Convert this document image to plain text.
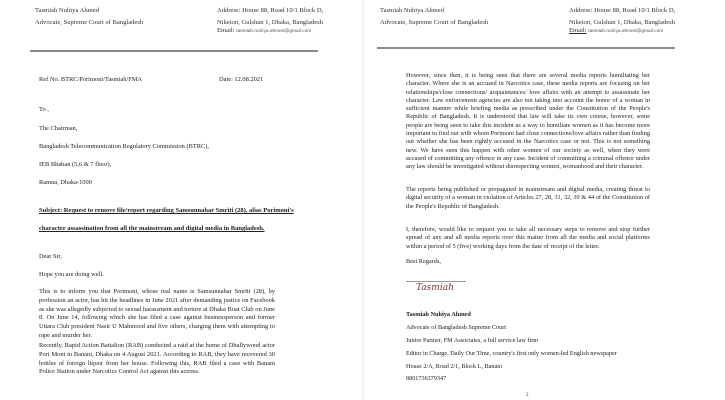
Tasmiah Nuhiya Ahmed
Advocate, Supreme Court of Bangladesh
Address: House 88, Road 10/1 Block D,
Niketon, Gulshan 1, Dhaka, Bangladesh
Email: tasmiah.nuhiya.ahmed@gmail.com
Ref No. BTRC/Porimoni/Tasmiah/FMA	Date: 12.08.2021
To ,
The Chairman,
Bangladesh Telecommunication Regulatory Commission (BTRC),
IEB Bhaban (5,6 & 7 floor),
Ramna, Dhaka-1000
Subject: Request to remove file/report regarding Samsunnahar Smriti (28), alias Porimoni's
character assassination from all the mainstream and digital media in Bangladesh.
Dear Sir,
Hope you are doing well.
This is to inform you that Porimoni, whose real name is Samsunnahar Smriti (28), by profession an actor, has hit the headlines in June 2021 after demanding justice on Facebook as she was allegedly subjected to sexual harassment and torture at Dhaka Boat Club on June 8. On June 14, following which she has filed a case against businessperson and former Uttara Club president Nasir U Mahmood and five others, charging them with attempting to rape and murder her.
Recently, Rapid Action Battalion (RAB) conducted a raid at the home of Dhallywood actor Pori Moni in Banani, Dhaka on 4 August 2021. According to RAB, they have recovered 30 bottles of foreign liquor from her house. Following this, RAB filed a case with Banani Police Station under Narcotics Control Act against this actress.
Tasmiah Nuhiya Ahmed
Advocate, Supreme Court of Bangladesh
Address: House 88, Road 10/1 Block D,
Niketon, Gulshan 1, Dhaka, Bangladesh
Email: tasmiah.nuhiya.ahmed@gmail.com
However, since then, it is being seen that there are several media reports humiliating her character. Where she is an accused in Narcotics case, these media reports are focusing on her relationships/close connections/ acquaintances/ love affairs with an attempt to assassinate her character. Law enforcement agencies are also not taking into account the honor of a woman in sufficient manner while briefing media as prescribed under the Constitution of the People's Republic of Bangladesh. It is understood that law will take its own course, however, some people are being seen to take this incident as a way to humiliate women as it has become more important to find out with whom Porimoni had close connections/love affairs rather than finding out whether she has been rightly accused in the Narcotics case or not. This is not something new. We have seen this happen with other women of our society as well, when they were accused of committing any offence in any case. Incident of committing a criminal offence under any law should be investigated without disrespecting women, womanhood and their character.
The reports being published or propagated in mainstream and digital media, creating threat to digital security of a woman in violation of Articles 27, 28, 31, 32, 39 & 44 of the Constitution of the People's Republic of Bangladesh.
I, therefore, would like to request you to take all necessary steps to remove and stop further spread of any and all media reports over this matter from all the media and social platforms within a period of 5 (five) working days from the date of receipt of the letter.
Best Regards,
Tasmiah
Tasmiah Nuhiya Ahmed
Advocate of Bangladesh Supreme Court
Junior Partner, FM Associates, a full service law firm
Editor in Charge, Daily Our Time, country's first only women-led English newspaper
House 2/A, Road 2/1, Block L, Banani
8801736379347
2
